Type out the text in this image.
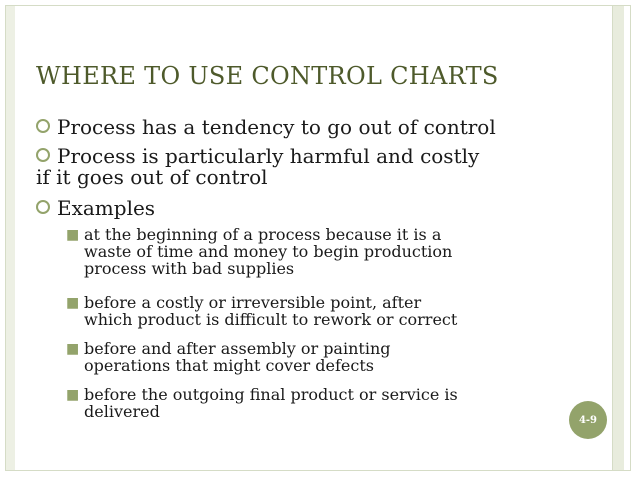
WHERE TO USE CONTROL CHARTS
Process has a tendency to go out of control
Process is particularly harmful and costly
if it goes out of control
Examples
■ at the beginning of a process because it is a
waste of time and money to begin production
process with bad supplies
■ before a costly or irreversible point, after
which product is difficult to rework or correct
■ before and after assembly or painting
operations that might cover defects
■ before the outgoing final product or service is
delivered	4-9
